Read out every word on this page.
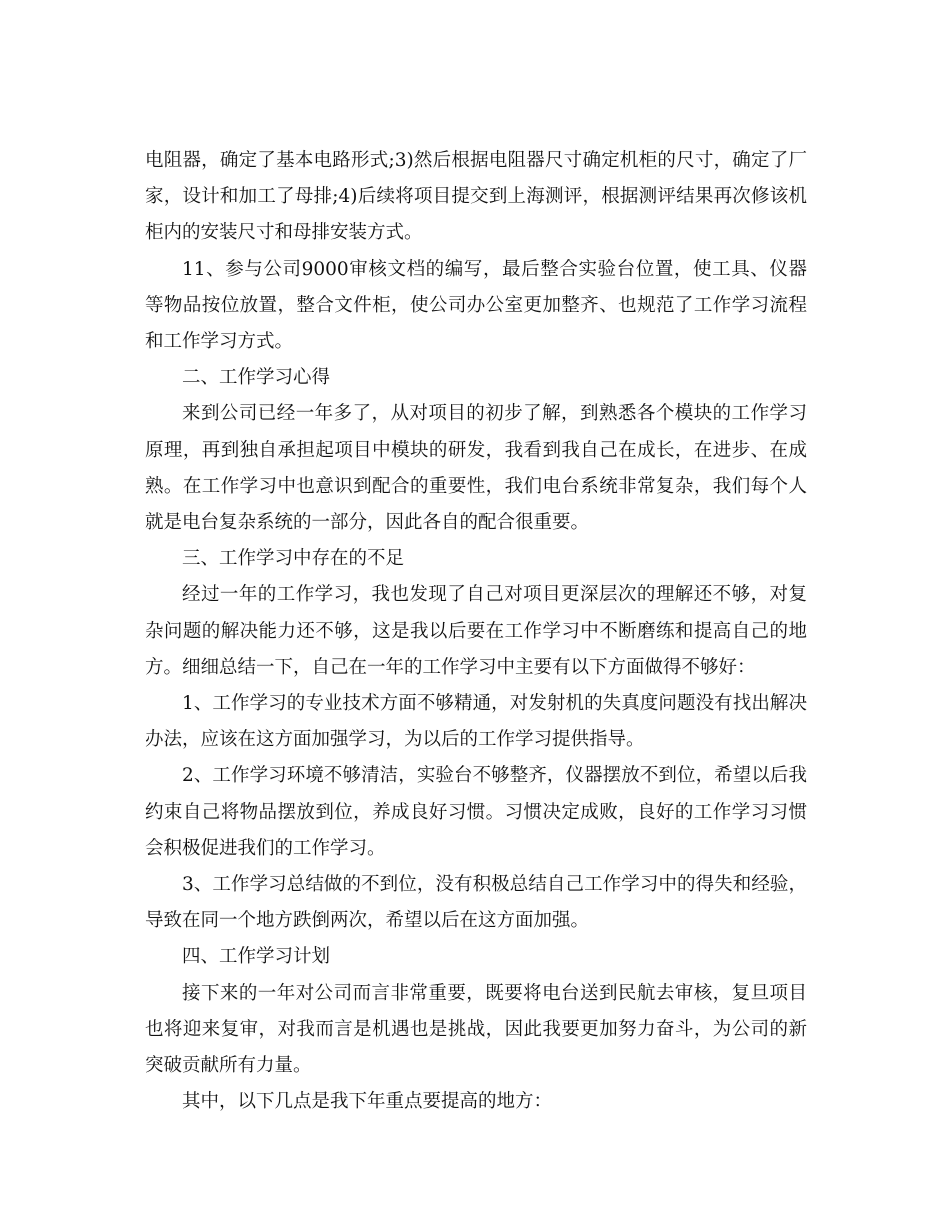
电阻器，确定了基本电路形式;3)然后根据电阻器尺寸确定机柜的尺寸，确定了厂家，设计和加工了母排;4)后续将项目提交到上海测评，根据测评结果再次修该机柜内的安装尺寸和母排安装方式。

11、参与公司9000审核文档的编写，最后整合实验台位置，使工具、仪器等物品按位放置，整合文件柜，使公司办公室更加整齐、也规范了工作学习流程和工作学习方式。

二、工作学习心得

来到公司已经一年多了，从对项目的初步了解，到熟悉各个模块的工作学习原理，再到独自承担起项目中模块的研发，我看到我自己在成长，在进步、在成熟。在工作学习中也意识到配合的重要性，我们电台系统非常复杂，我们每个人就是电台复杂系统的一部分，因此各自的配合很重要。

三、工作学习中存在的不足

经过一年的工作学习，我也发现了自己对项目更深层次的理解还不够，对复杂问题的解决能力还不够，这是我以后要在工作学习中不断磨练和提高自己的地方。细细总结一下，自己在一年的工作学习中主要有以下方面做得不够好：

1、工作学习的专业技术方面不够精通，对发射机的失真度问题没有找出解决办法，应该在这方面加强学习，为以后的工作学习提供指导。

2、工作学习环境不够清洁，实验台不够整齐，仪器摆放不到位，希望以后我约束自己将物品摆放到位，养成良好习惯。习惯决定成败，良好的工作学习习惯会积极促进我们的工作学习。

3、工作学习总结做的不到位，没有积极总结自己工作学习中的得失和经验，导致在同一个地方跌倒两次，希望以后在这方面加强。

四、工作学习计划

接下来的一年对公司而言非常重要，既要将电台送到民航去审核，复旦项目也将迎来复审，对我而言是机遇也是挑战，因此我要更加努力奋斗，为公司的新突破贡献所有力量。

其中，以下几点是我下年重点要提高的地方：
